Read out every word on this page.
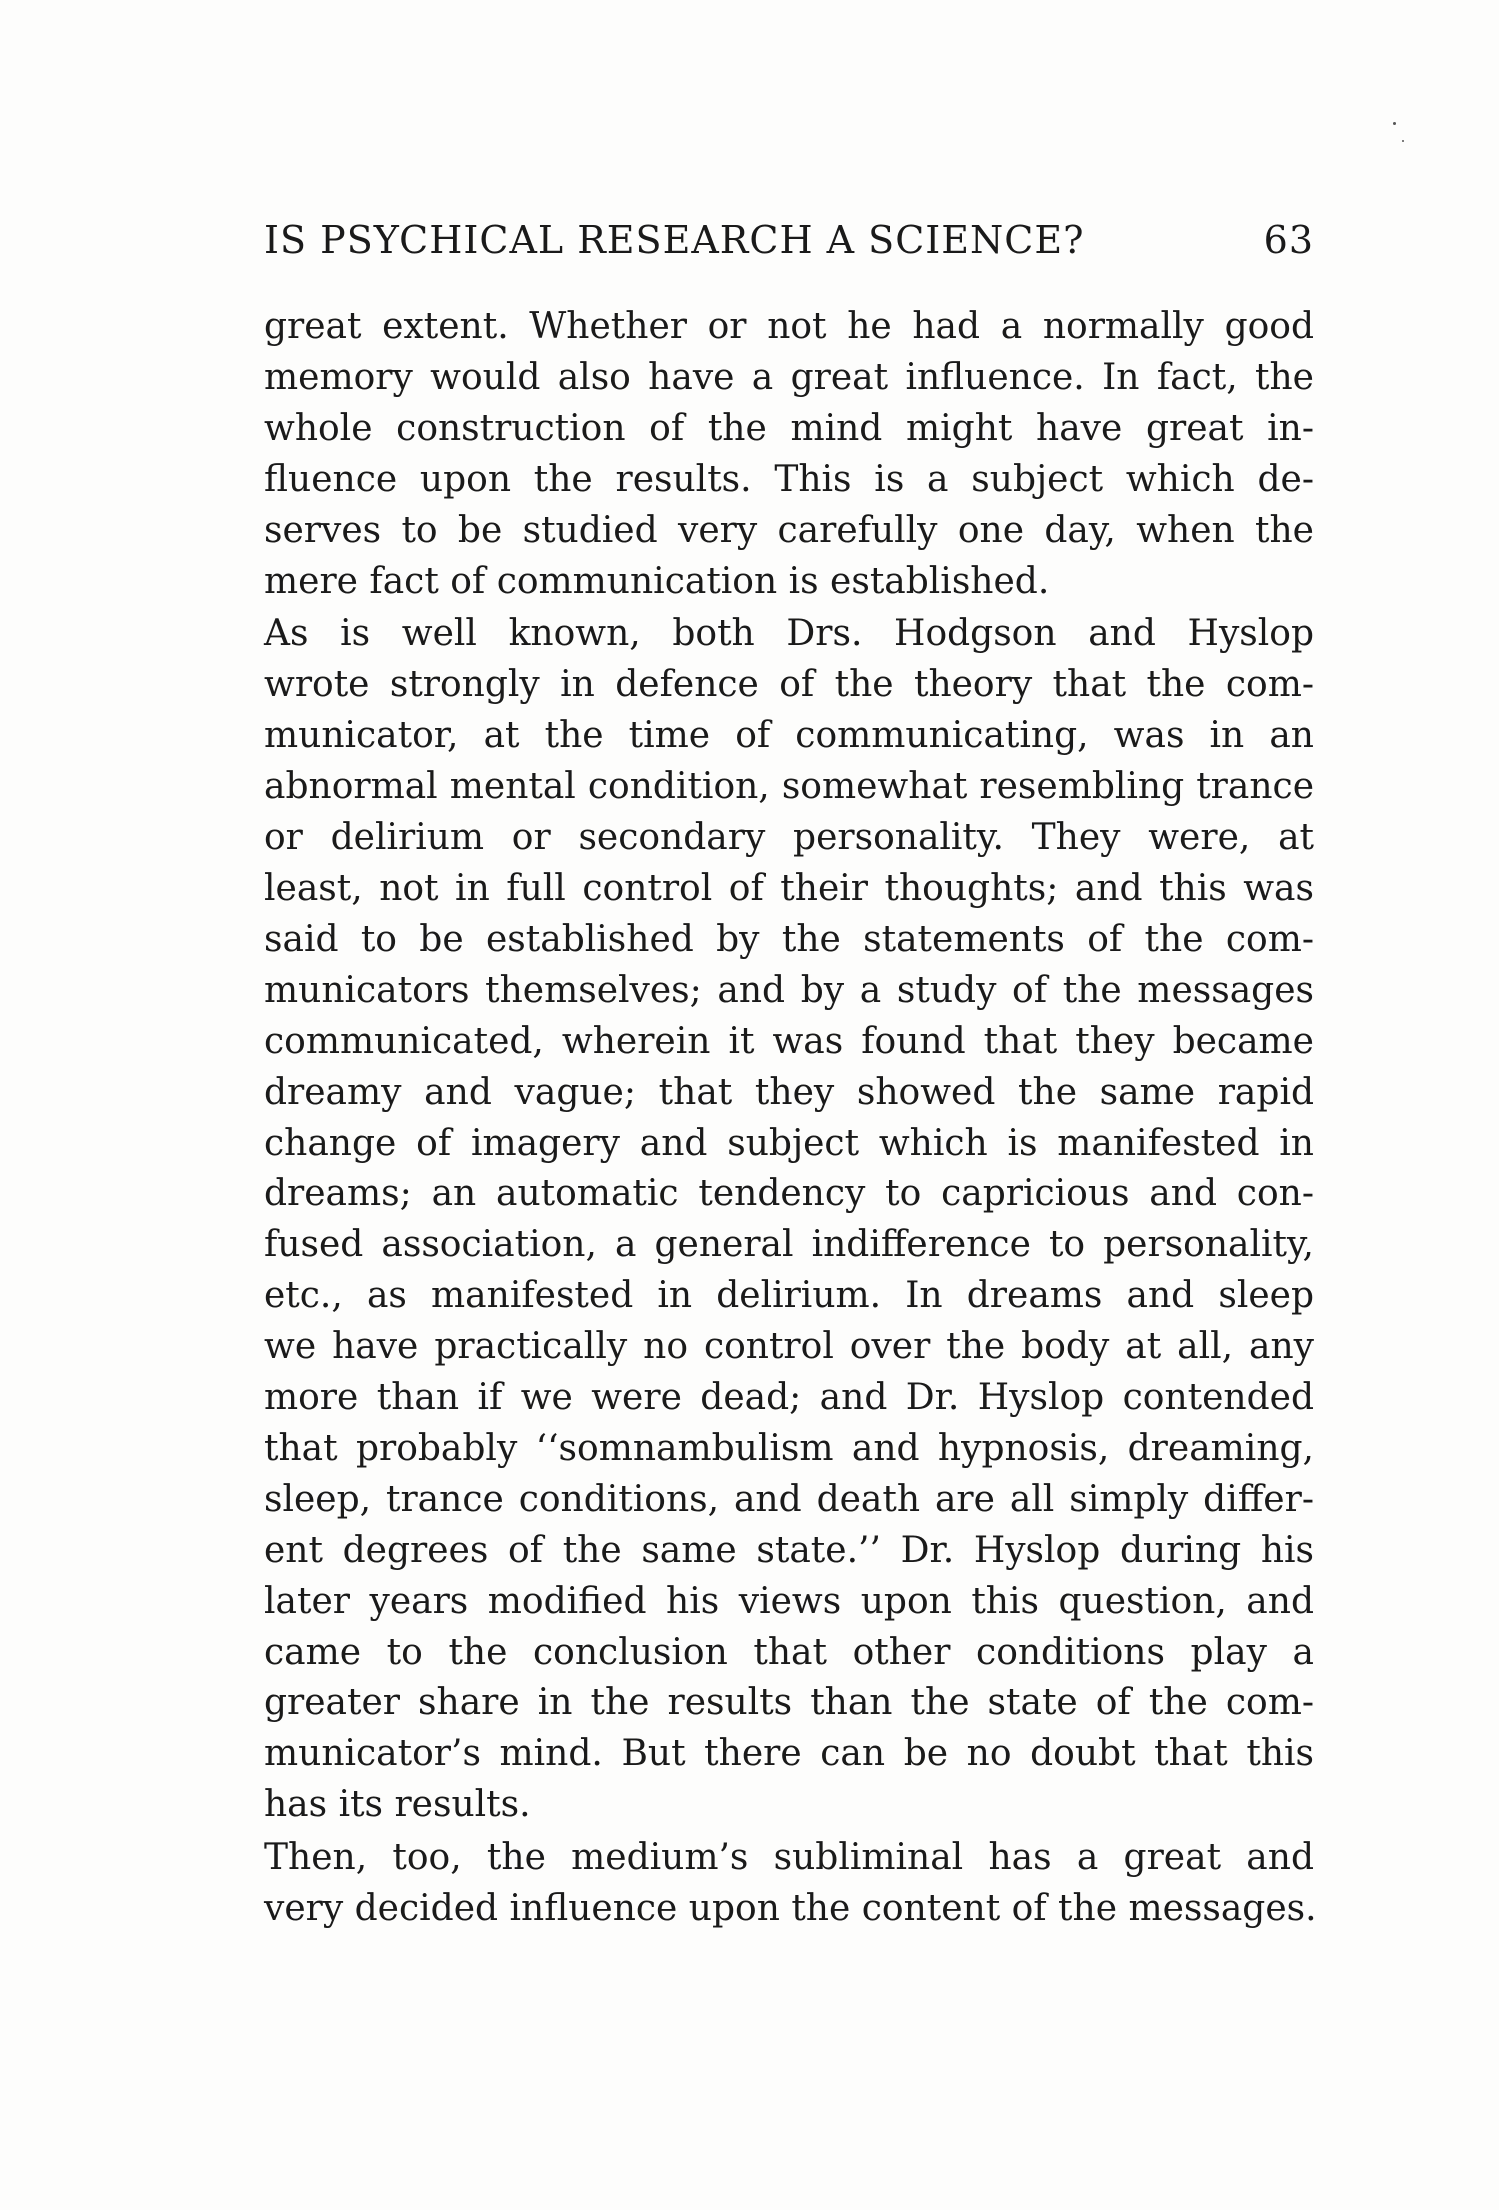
IS PSYCHICAL RESEARCH A SCIENCE?	63

great extent. Whether or not he had a normally good
memory would also have a great influence. In fact, the
whole construction of the mind might have great in-
fluence upon the results. This is a subject which de-
serves to be studied very carefully one day, when the
mere fact of communication is established.

As is well known, both Drs. Hodgson and Hyslop
wrote strongly in defence of the theory that the com-
municator, at the time of communicating, was in an
abnormal mental condition, somewhat resembling trance
or delirium or secondary personality. They were, at
least, not in full control of their thoughts; and this was
said to be established by the statements of the com-
municators themselves; and by a study of the messages
communicated, wherein it was found that they became
dreamy and vague; that they showed the same rapid
change of imagery and subject which is manifested in
dreams; an automatic tendency to capricious and con-
fused association, a general indifference to personality,
etc., as manifested in delirium. In dreams and sleep
we have practically no control over the body at all, any
more than if we were dead; and Dr. Hyslop contended
that probably ‘‘somnambulism and hypnosis, dreaming,
sleep, trance conditions, and death are all simply differ-
ent degrees of the same state.’’ Dr. Hyslop during his
later years modified his views upon this question, and
came to the conclusion that other conditions play a
greater share in the results than the state of the com-
municator’s mind. But there can be no doubt that this
has its results.

Then, too, the medium’s subliminal has a great and
very decided influence upon the content of the messages.
